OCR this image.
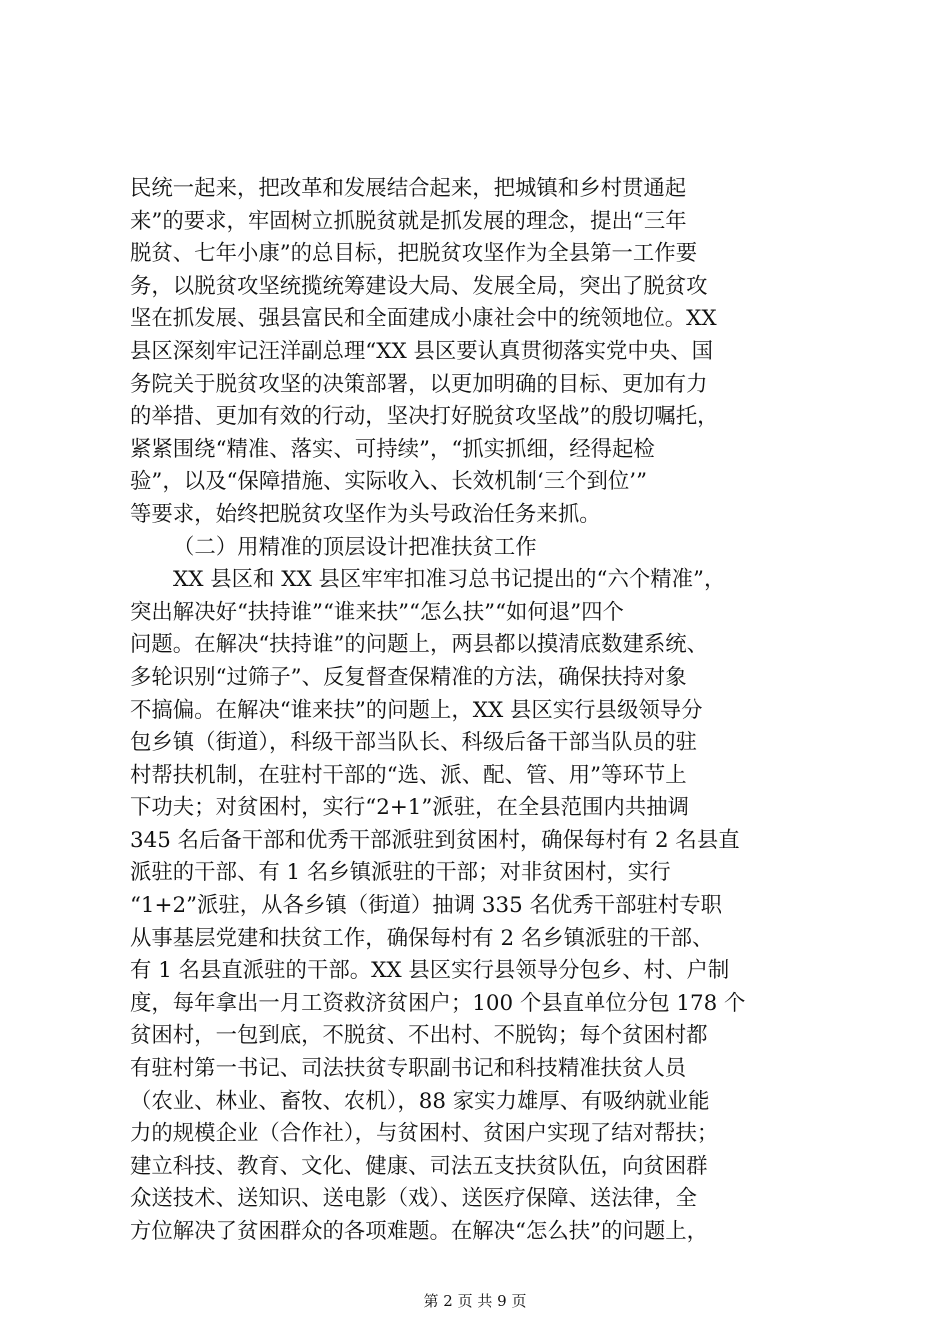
民统一起来，把改革和发展结合起来，把城镇和乡村贯通起
来”的要求，牢固树立抓脱贫就是抓发展的理念，提出“三年
脱贫、七年小康”的总目标，把脱贫攻坚作为全县第一工作要
务，以脱贫攻坚统揽统筹建设大局、发展全局，突出了脱贫攻
坚在抓发展、强县富民和全面建成小康社会中的统领地位。XX
县区深刻牢记汪洋副总理“XX 县区要认真贯彻落实党中央、国
务院关于脱贫攻坚的决策部署，以更加明确的目标、更加有力
的举措、更加有效的行动，坚决打好脱贫攻坚战”的殷切嘱托，
紧紧围绕“精准、落实、可持续”，“抓实抓细，经得起检
验”，以及“保障措施、实际收入、长效机制‘三个到位’”
等要求，始终把脱贫攻坚作为头号政治任务来抓。
（二）用精准的顶层设计把准扶贫工作
XX 县区和 XX 县区牢牢扣准习总书记提出的“六个精准”，
突出解决好“扶持谁”“谁来扶”“怎么扶”“如何退”四个
问题。在解决“扶持谁”的问题上，两县都以摸清底数建系统、
多轮识别“过筛子”、反复督查保精准的方法，确保扶持对象
不搞偏。在解决“谁来扶”的问题上，XX 县区实行县级领导分
包乡镇（街道），科级干部当队长、科级后备干部当队员的驻
村帮扶机制，在驻村干部的“选、派、配、管、用”等环节上
下功夫；对贫困村，实行“2+1”派驻，在全县范围内共抽调
345 名后备干部和优秀干部派驻到贫困村，确保每村有 2 名县直
派驻的干部、有 1 名乡镇派驻的干部；对非贫困村，实行
“1+2”派驻，从各乡镇（街道）抽调 335 名优秀干部驻村专职
从事基层党建和扶贫工作，确保每村有 2 名乡镇派驻的干部、
有 1 名县直派驻的干部。XX 县区实行县领导分包乡、村、户制
度，每年拿出一月工资救济贫困户；100 个县直单位分包 178 个
贫困村，一包到底，不脱贫、不出村、不脱钩；每个贫困村都
有驻村第一书记、司法扶贫专职副书记和科技精准扶贫人员
（农业、林业、畜牧、农机），88 家实力雄厚、有吸纳就业能
力的规模企业（合作社），与贫困村、贫困户实现了结对帮扶；
建立科技、教育、文化、健康、司法五支扶贫队伍，向贫困群
众送技术、送知识、送电影（戏）、送医疗保障、送法律，全
方位解决了贫困群众的各项难题。在解决“怎么扶”的问题上，
第 2 页 共 9 页
